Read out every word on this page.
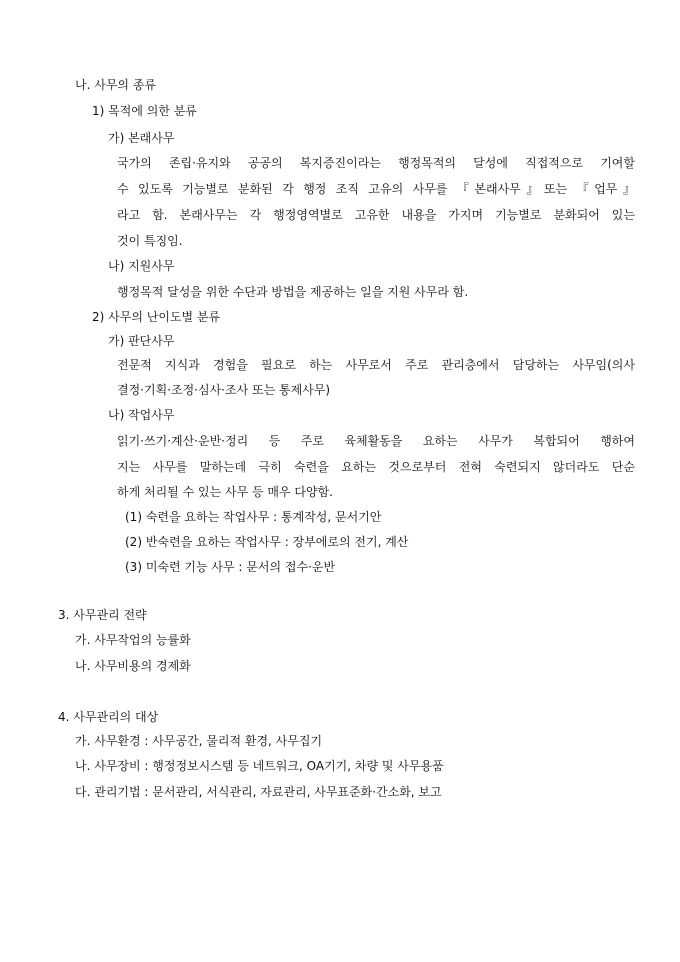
나. 사무의 종류
1) 목적에 의한 분류
가) 본래사무
국가의 존립·유지와 공공의 복지증진이라는 행정목적의 달성에 직접적으로 기여할
수 있도록 기능별로 분화된 각 행정 조직 고유의 사무를 『본래사무』또는 『업무』
라고 함. 본래사무는 각 행정영역별로 고유한 내용을 가지며 기능별로 분화되어 있는
것이 특징임.
나) 지원사무
행정목적 달성을 위한 수단과 방법을 제공하는 일을 지원 사무라 함.
2) 사무의 난이도별 분류
가) 판단사무
전문적 지식과 경험을 필요로 하는 사무로서 주로 관리층에서 담당하는 사무임(의사
결정·기획·조정·심사·조사 또는 통제사무)
나) 작업사무
읽기·쓰기·계산·운반·정리 등 주로 육체활동을 요하는 사무가 복합되어 행하여
지는 사무를 말하는데 극히 숙련을 요하는 것으로부터 전혀 숙련되지 않더라도 단순
하게 처리될 수 있는 사무 등 매우 다양함.
(1) 숙련을 요하는 작업사무 : 통계작성, 문서기안
(2) 반숙련을 요하는 작업사무 : 장부에로의 전기, 계산
(3) 미숙련 기능 사무 : 문서의 접수·운반
3. 사무관리 전략
가. 사무작업의 능률화
나. 사무비용의 경제화
4. 사무관리의 대상
가. 사무환경 : 사무공간, 물리적 환경, 사무집기
나. 사무장비 : 행정정보시스템 등 네트워크, OA기기, 차량 및 사무용품
다. 관리기법 : 문서관리, 서식관리, 자료관리, 사무표준화·간소화, 보고
